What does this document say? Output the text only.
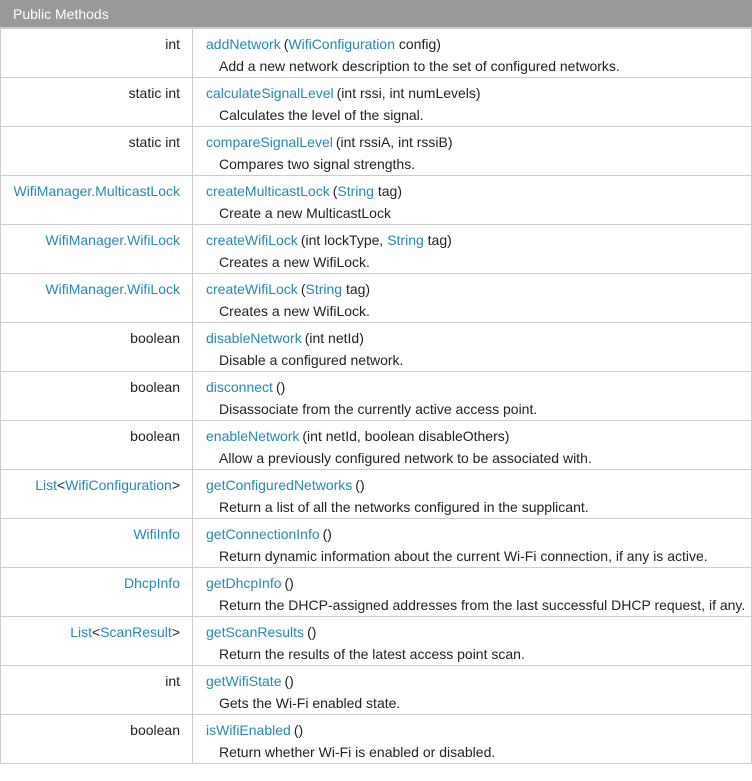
Public Methods
int	addNetwork (WifiConfiguration config)
Add a new network description to the set of configured networks.

static int	calculateSignalLevel (int rssi, int numLevels)
Calculates the level of the signal.

static int	compareSignalLevel (int rssiA, int rssiB)
Compares two signal strengths.

WifiManager.MulticastLock	createMulticastLock (String tag)
Create a new MulticastLock

WifiManager.WifiLock	createWifiLock (int lockType, String tag)
Creates a new WifiLock.

WifiManager.WifiLock	createWifiLock (String tag)
Creates a new WifiLock.

boolean	disableNetwork (int netId)
Disable a configured network.

boolean	disconnect ()
Disassociate from the currently active access point.

boolean	enableNetwork (int netId, boolean disableOthers)
Allow a previously configured network to be associated with.

List<WifiConfiguration>	getConfiguredNetworks ()
Return a list of all the networks configured in the supplicant.

WifiInfo	getConnectionInfo ()
Return dynamic information about the current Wi-Fi connection, if any is active.

DhcpInfo	getDhcpInfo ()
Return the DHCP-assigned addresses from the last successful DHCP request, if any.

List<ScanResult>	getScanResults ()
Return the results of the latest access point scan.

int	getWifiState ()
Gets the Wi-Fi enabled state.

boolean	isWifiEnabled ()
Return whether Wi-Fi is enabled or disabled.
